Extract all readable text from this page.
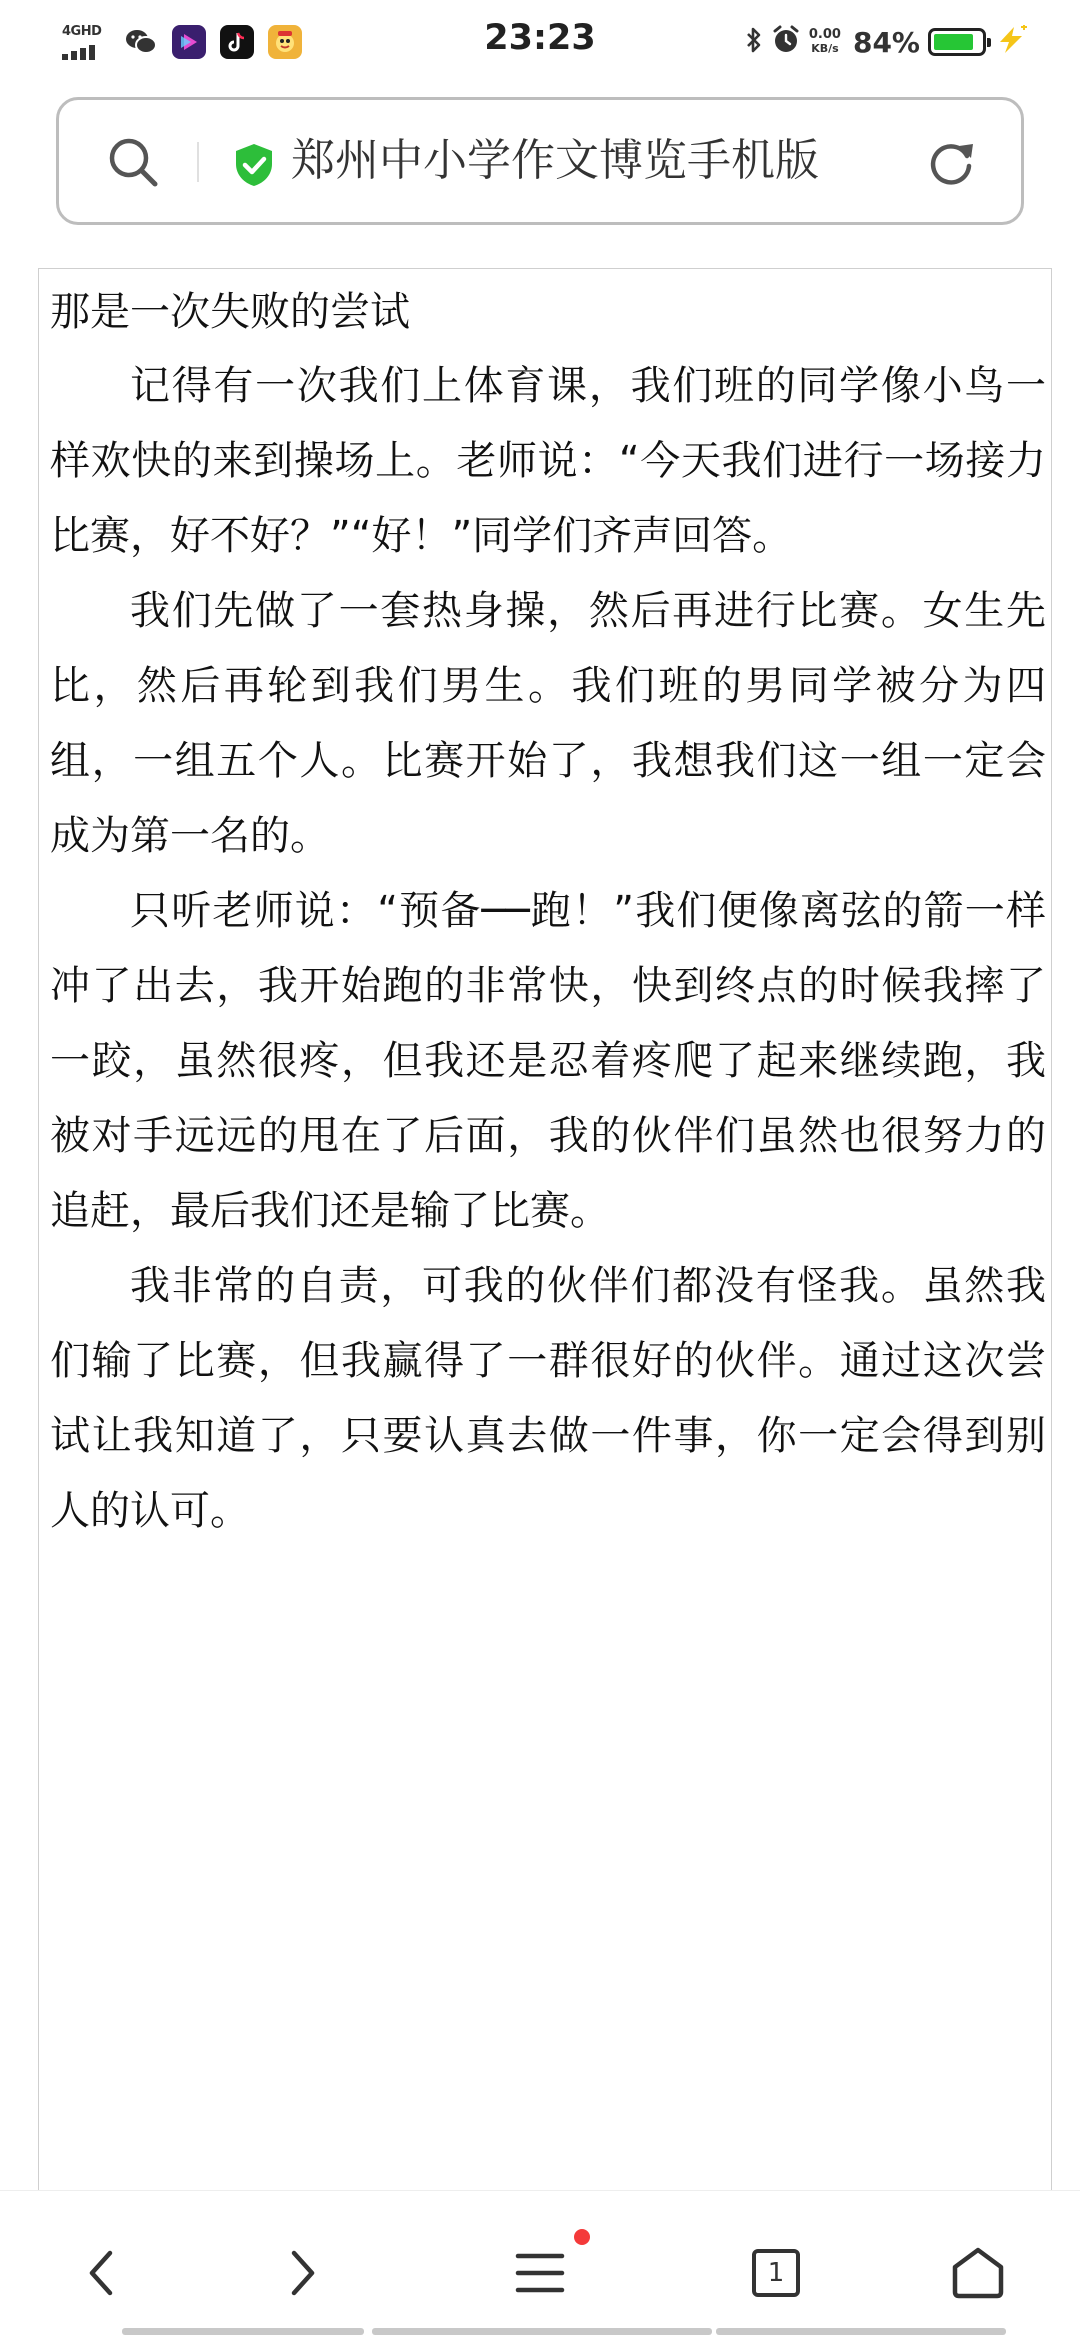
4GHD	23:23	0.00
KB/s 84%
郑州中小学作文博览手机版
那是一次失败的尝试

记得有一次我们上体育课，我们班的同学像小鸟一样欢快的来到操场上。老师说：“今天我们进行一场接力比赛，好不好？”“好！”同学们齐声回答。

我们先做了一套热身操，然后再进行比赛。女生先比，然后再轮到我们男生。我们班的男同学被分为四组，一组五个人。比赛开始了，我想我们这一组一定会成为第一名的。

只听老师说：“预备──跑！”我们便像离弦的箭一样冲了出去，我开始跑的非常快，快到终点的时候我摔了一跤，虽然很疼，但我还是忍着疼爬了起来继续跑，我被对手远远的甩在了后面，我的伙伴们虽然也很努力的追赶，最后我们还是输了比赛。

我非常的自责，可我的伙伴们都没有怪我。虽然我们输了比赛，但我赢得了一群很好的伙伴。通过这次尝试让我知道了，只要认真去做一件事，你一定会得到别人的认可。

1
